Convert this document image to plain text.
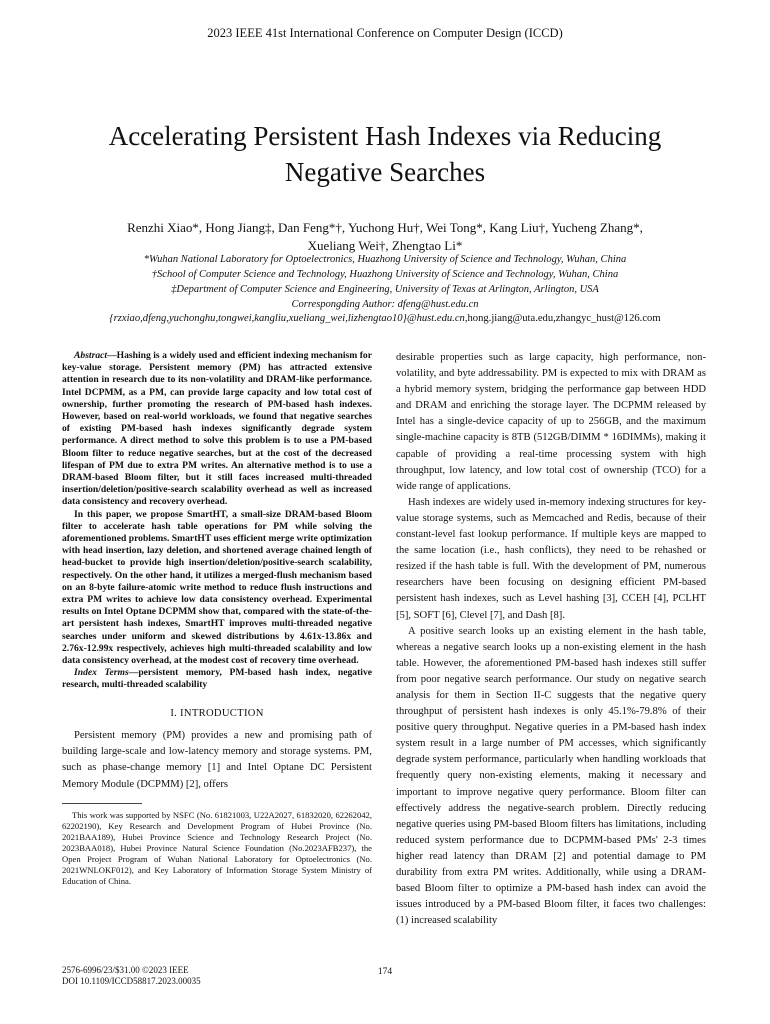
2023 IEEE 41st International Conference on Computer Design (ICCD)
Accelerating Persistent Hash Indexes via Reducing
Negative Searches
Renzhi Xiao*, Hong Jiang‡, Dan Feng*†, Yuchong Hu†, Wei Tong*, Kang Liu†, Yucheng Zhang*,
Xueliang Wei†, Zhengtao Li*
*Wuhan National Laboratory for Optoelectronics, Huazhong University of Science and Technology, Wuhan, China
†School of Computer Science and Technology, Huazhong University of Science and Technology, Wuhan, China
‡Department of Computer Science and Engineering, University of Texas at Arlington, Arlington, USA
Correspongding Author: dfeng@hust.edu.cn
{rzxiao,dfeng,yuchonghu,tongwei,kangliu,xueliang_wei,lizhengtao10}@hust.edu.cn,hong.jiang@uta.edu,zhangyc_hust@126.com

Abstract—Hashing is a widely used and efficient indexing mechanism for key-value storage. Persistent memory (PM) has attracted extensive attention in research due to its non-volatility and DRAM-like performance. Intel DCPMM, as a PM, can provide large capacity and low total cost of ownership, further promoting the research of PM-based hash indexes. However, based on real-world workloads, we found that negative searches of existing PM-based hash indexes significantly degrade system performance. A direct method to solve this problem is to use a PM-based Bloom filter to reduce negative searches, but at the cost of the decreased lifespan of PM due to extra PM writes. An alternative method is to use a DRAM-based Bloom filter, but it still faces increased multi-threaded insertion/deletion/positive-search scalability overhead as well as increased data consistency and recovery overhead.

In this paper, we propose SmartHT, a small-size DRAM-based Bloom filter to accelerate hash table operations for PM while solving the aforementioned problems. SmartHT uses efficient merge write optimization with head insertion, lazy deletion, and shortened average chained length of head-bucket to provide high insertion/deletion/positive-search scalability, respectively. On the other hand, it utilizes a merged-flush mechanism based on an 8-byte failure-atomic write method to reduce flush instructions and extra PM writes to achieve low data consistency overhead. Experimental results on Intel Optane DCPMM show that, compared with the state-of-the-art persistent hash indexes, SmartHT improves multi-threaded negative searches under uniform and skewed distributions by 4.61x-13.86x and 2.76x-12.99x respectively, achieves high multi-threaded scalability and low data consistency overhead, at the modest cost of recovery time overhead.

Index Terms—persistent memory, PM-based hash index, negative research, multi-threaded scalability

I. INTRODUCTION

Persistent memory (PM) provides a new and promising path of building large-scale and low-latency memory and storage systems. PM, such as phase-change memory [1] and Intel Optane DC Persistent Memory Module (DCPMM) [2], offers

This work was supported by NSFC (No. 61821003, U22A2027, 61832020, 62262042, 62202190), Key Research and Development Program of Hubei Province (No. 2021BAA189), Hubei Province Science and Technology Research Project (No. 2023BAA018), Hubei Province Natural Science Foundation (No.2023AFB237), the Open Project Program of Wuhan National Laboratory for Optoelectronics (No. 2021WNLOKF012), and Key Laboratory of Information Storage System Ministry of Education of China.

desirable properties such as large capacity, high performance, non-volatility, and byte addressability. PM is expected to mix with DRAM as a hybrid memory system, bridging the performance gap between HDD and DRAM and enriching the storage layer. The DCPMM released by Intel has a single-device capacity of up to 256GB, and the maximum single-machine capacity is 8TB (512GB/DIMM * 16DIMMs), making it capable of providing a real-time processing system with high throughput, low latency, and low total cost of ownership (TCO) for a wide range of applications.

Hash indexes are widely used in-memory indexing structures for key-value storage systems, such as Memcached and Redis, because of their constant-level fast lookup performance. If multiple keys are mapped to the same location (i.e., hash conflicts), they need to be rehashed or resized if the hash table is full. With the development of PM, numerous researchers have been focusing on designing efficient PM-based persistent hash indexes, such as Level hashing [3], CCEH [4], PCLHT [5], SOFT [6], Clevel [7], and Dash [8].

A positive search looks up an existing element in the hash table, whereas a negative search looks up a non-existing element in the hash table. However, the aforementioned PM-based hash indexes still suffer from poor negative search performance. Our study on negative search analysis for them in Section II-C suggests that the negative query throughput of persistent hash indexes is only 45.1%-79.8% of their positive query throughput. Negative queries in a PM-based hash index system result in a large number of PM accesses, which significantly degrade system performance, particularly when handling workloads that frequently query non-existing elements, making it necessary and important to improve negative query performance. Bloom filter can effectively address the negative-search problem. Directly reducing negative queries using PM-based Bloom filters has limitations, including reduced system performance due to DCPMM-based PMs' 2-3 times higher read latency than DRAM [2] and potential damage to PM durability from extra PM writes. Additionally, while using a DRAM-based Bloom filter to optimize a PM-based hash index can avoid the issues introduced by a PM-based Bloom filter, it faces two challenges: (1) increased scalability

2576-6996/23/$31.00 ©2023 IEEE
DOI 10.1109/ICCD58817.2023.00035
174
